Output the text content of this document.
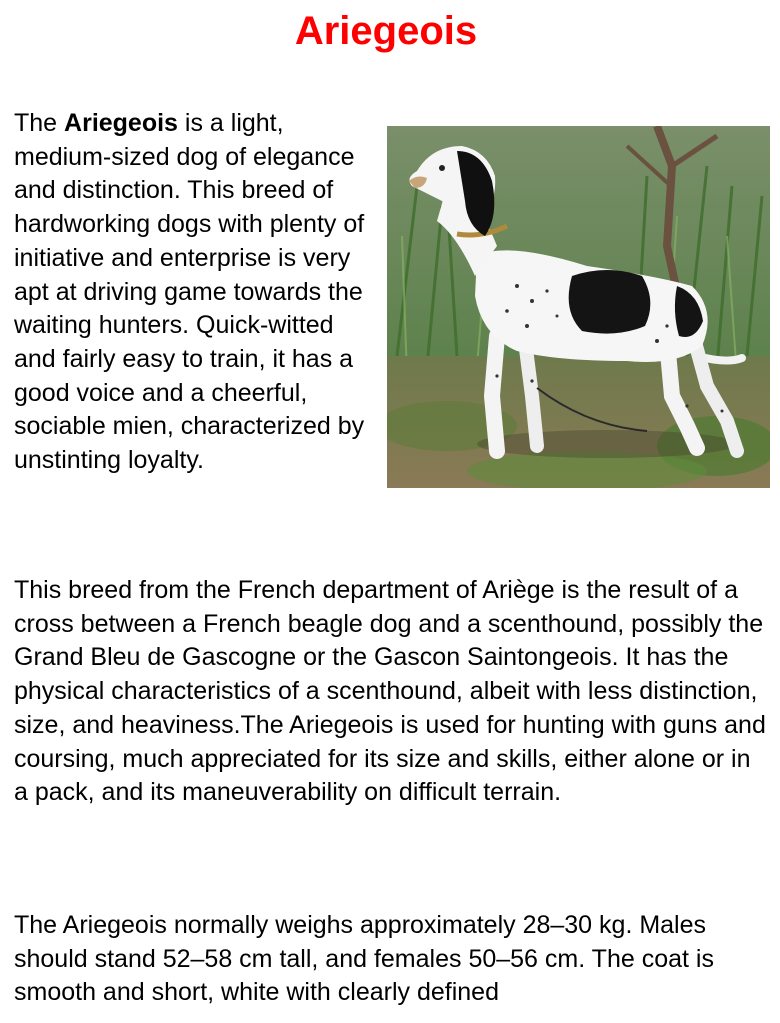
Ariegeois

The Ariegeois is a light, medium-sized dog of elegance and distinction. This breed of hardworking dogs with plenty of initiative and enterprise is very apt at driving game towards the waiting hunters. Quick-witted and fairly easy to train, it has a good voice and a cheerful, sociable mien, characterized by unstinting loyalty.

This breed from the French department of Ariège is the result of a cross between a French beagle dog and a scenthound, possibly the Grand Bleu de Gascogne or the Gascon Saintongeois. It has the physical characteristics of a scenthound, albeit with less distinction, size, and heaviness.The Ariegeois is used for hunting with guns and coursing, much appreciated for its size and skills, either alone or in a pack, and its maneuverability on difficult terrain.

The Ariegeois normally weighs approximately 28–30 kg. Males should stand 52–58 cm tall, and females 50–56 cm. The coat is smooth and short, white with clearly defined
